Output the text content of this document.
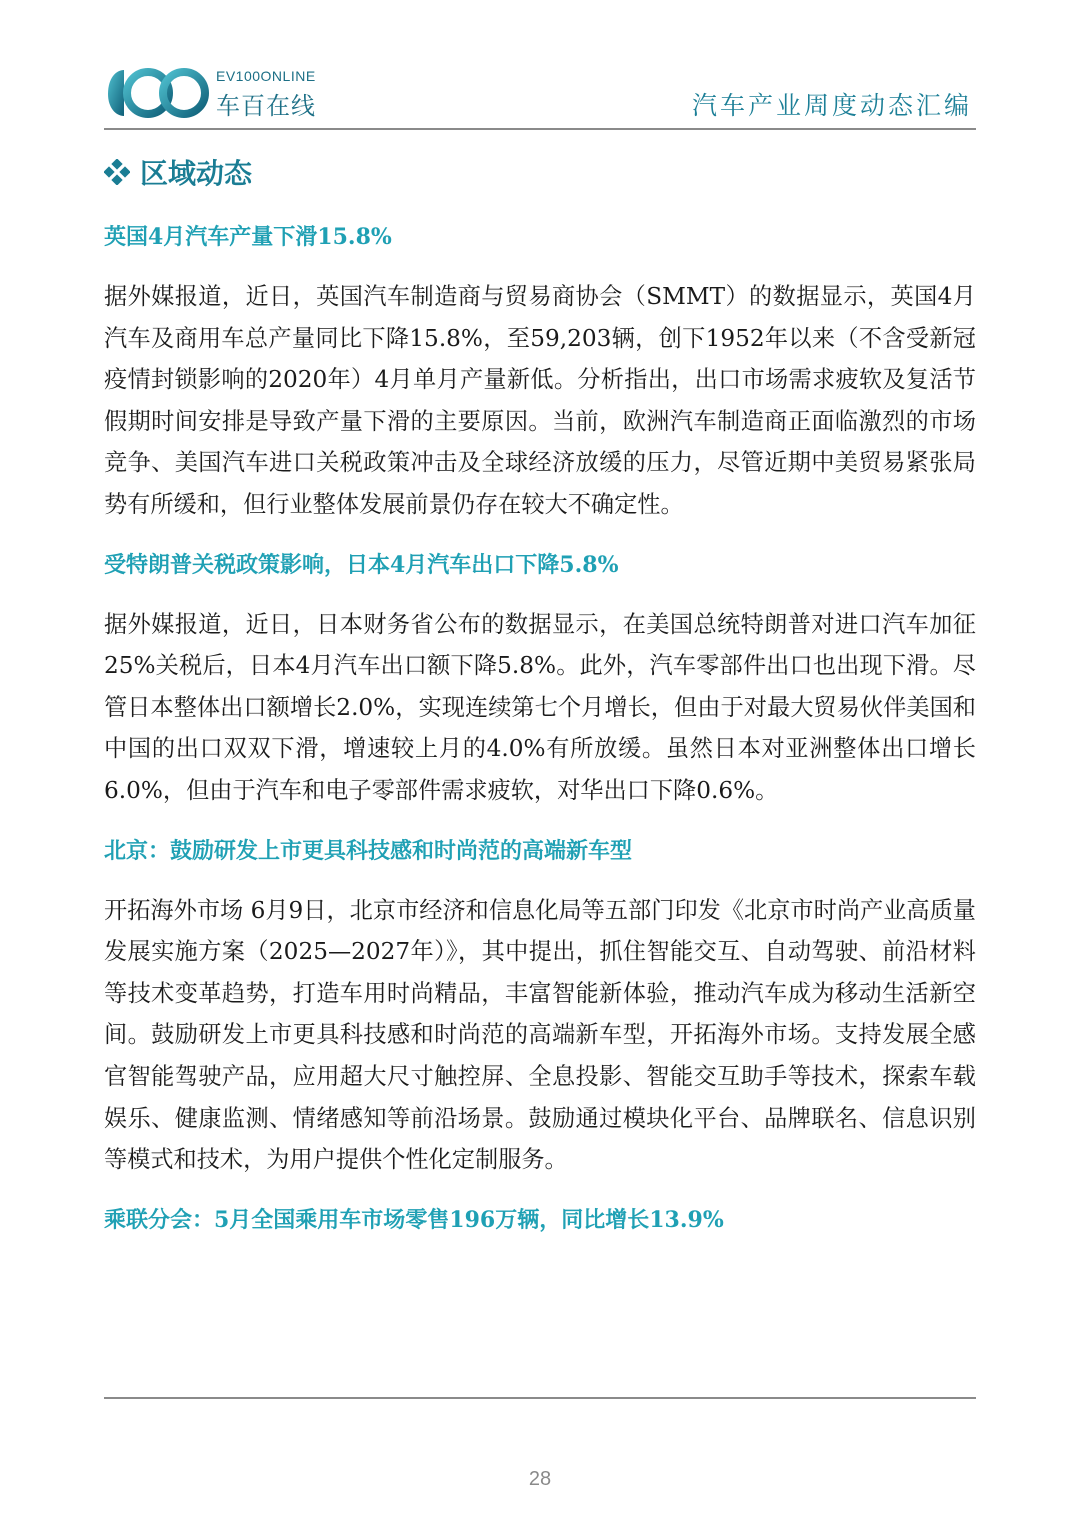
EV100ONLINE
车百在线	汽车产业周度动态汇编
区域动态
英国4月汽车产量下滑15.8%

据外媒报道，近日，英国汽车制造商与贸易商协会（SMMT）的数据显示，英国4月汽车及商用车总产量同比下降15.8%，至59,203辆，创下1952年以来（不含受新冠疫情封锁影响的2020年）4月单月产量新低。分析指出，出口市场需求疲软及复活节假期时间安排是导致产量下滑的主要原因。当前，欧洲汽车制造商正面临激烈的市场竞争、美国汽车进口关税政策冲击及全球经济放缓的压力，尽管近期中美贸易紧张局势有所缓和，但行业整体发展前景仍存在较大不确定性。

受特朗普关税政策影响，日本4月汽车出口下降5.8%

据外媒报道，近日，日本财务省公布的数据显示，在美国总统特朗普对进口汽车加征25%关税后，日本4月汽车出口额下降5.8%。此外，汽车零部件出口也出现下滑。尽管日本整体出口额增长2.0%，实现连续第七个月增长，但由于对最大贸易伙伴美国和中国的出口双双下滑，增速较上月的4.0%有所放缓。虽然日本对亚洲整体出口增长6.0%，但由于汽车和电子零部件需求疲软，对华出口下降0.6%。

北京：鼓励研发上市更具科技感和时尚范的高端新车型

开拓海外市场 6月9日，北京市经济和信息化局等五部门印发《北京市时尚产业高质量发展实施方案（2025—2027年）》，其中提出，抓住智能交互、自动驾驶、前沿材料等技术变革趋势，打造车用时尚精品，丰富智能新体验，推动汽车成为移动生活新空间。鼓励研发上市更具科技感和时尚范的高端新车型，开拓海外市场。支持发展全感官智能驾驶产品，应用超大尺寸触控屏、全息投影、智能交互助手等技术，探索车载娱乐、健康监测、情绪感知等前沿场景。鼓励通过模块化平台、品牌联名、信息识别等模式和技术，为用户提供个性化定制服务。

乘联分会：5月全国乘用车市场零售196万辆，同比增长13.9%
28
